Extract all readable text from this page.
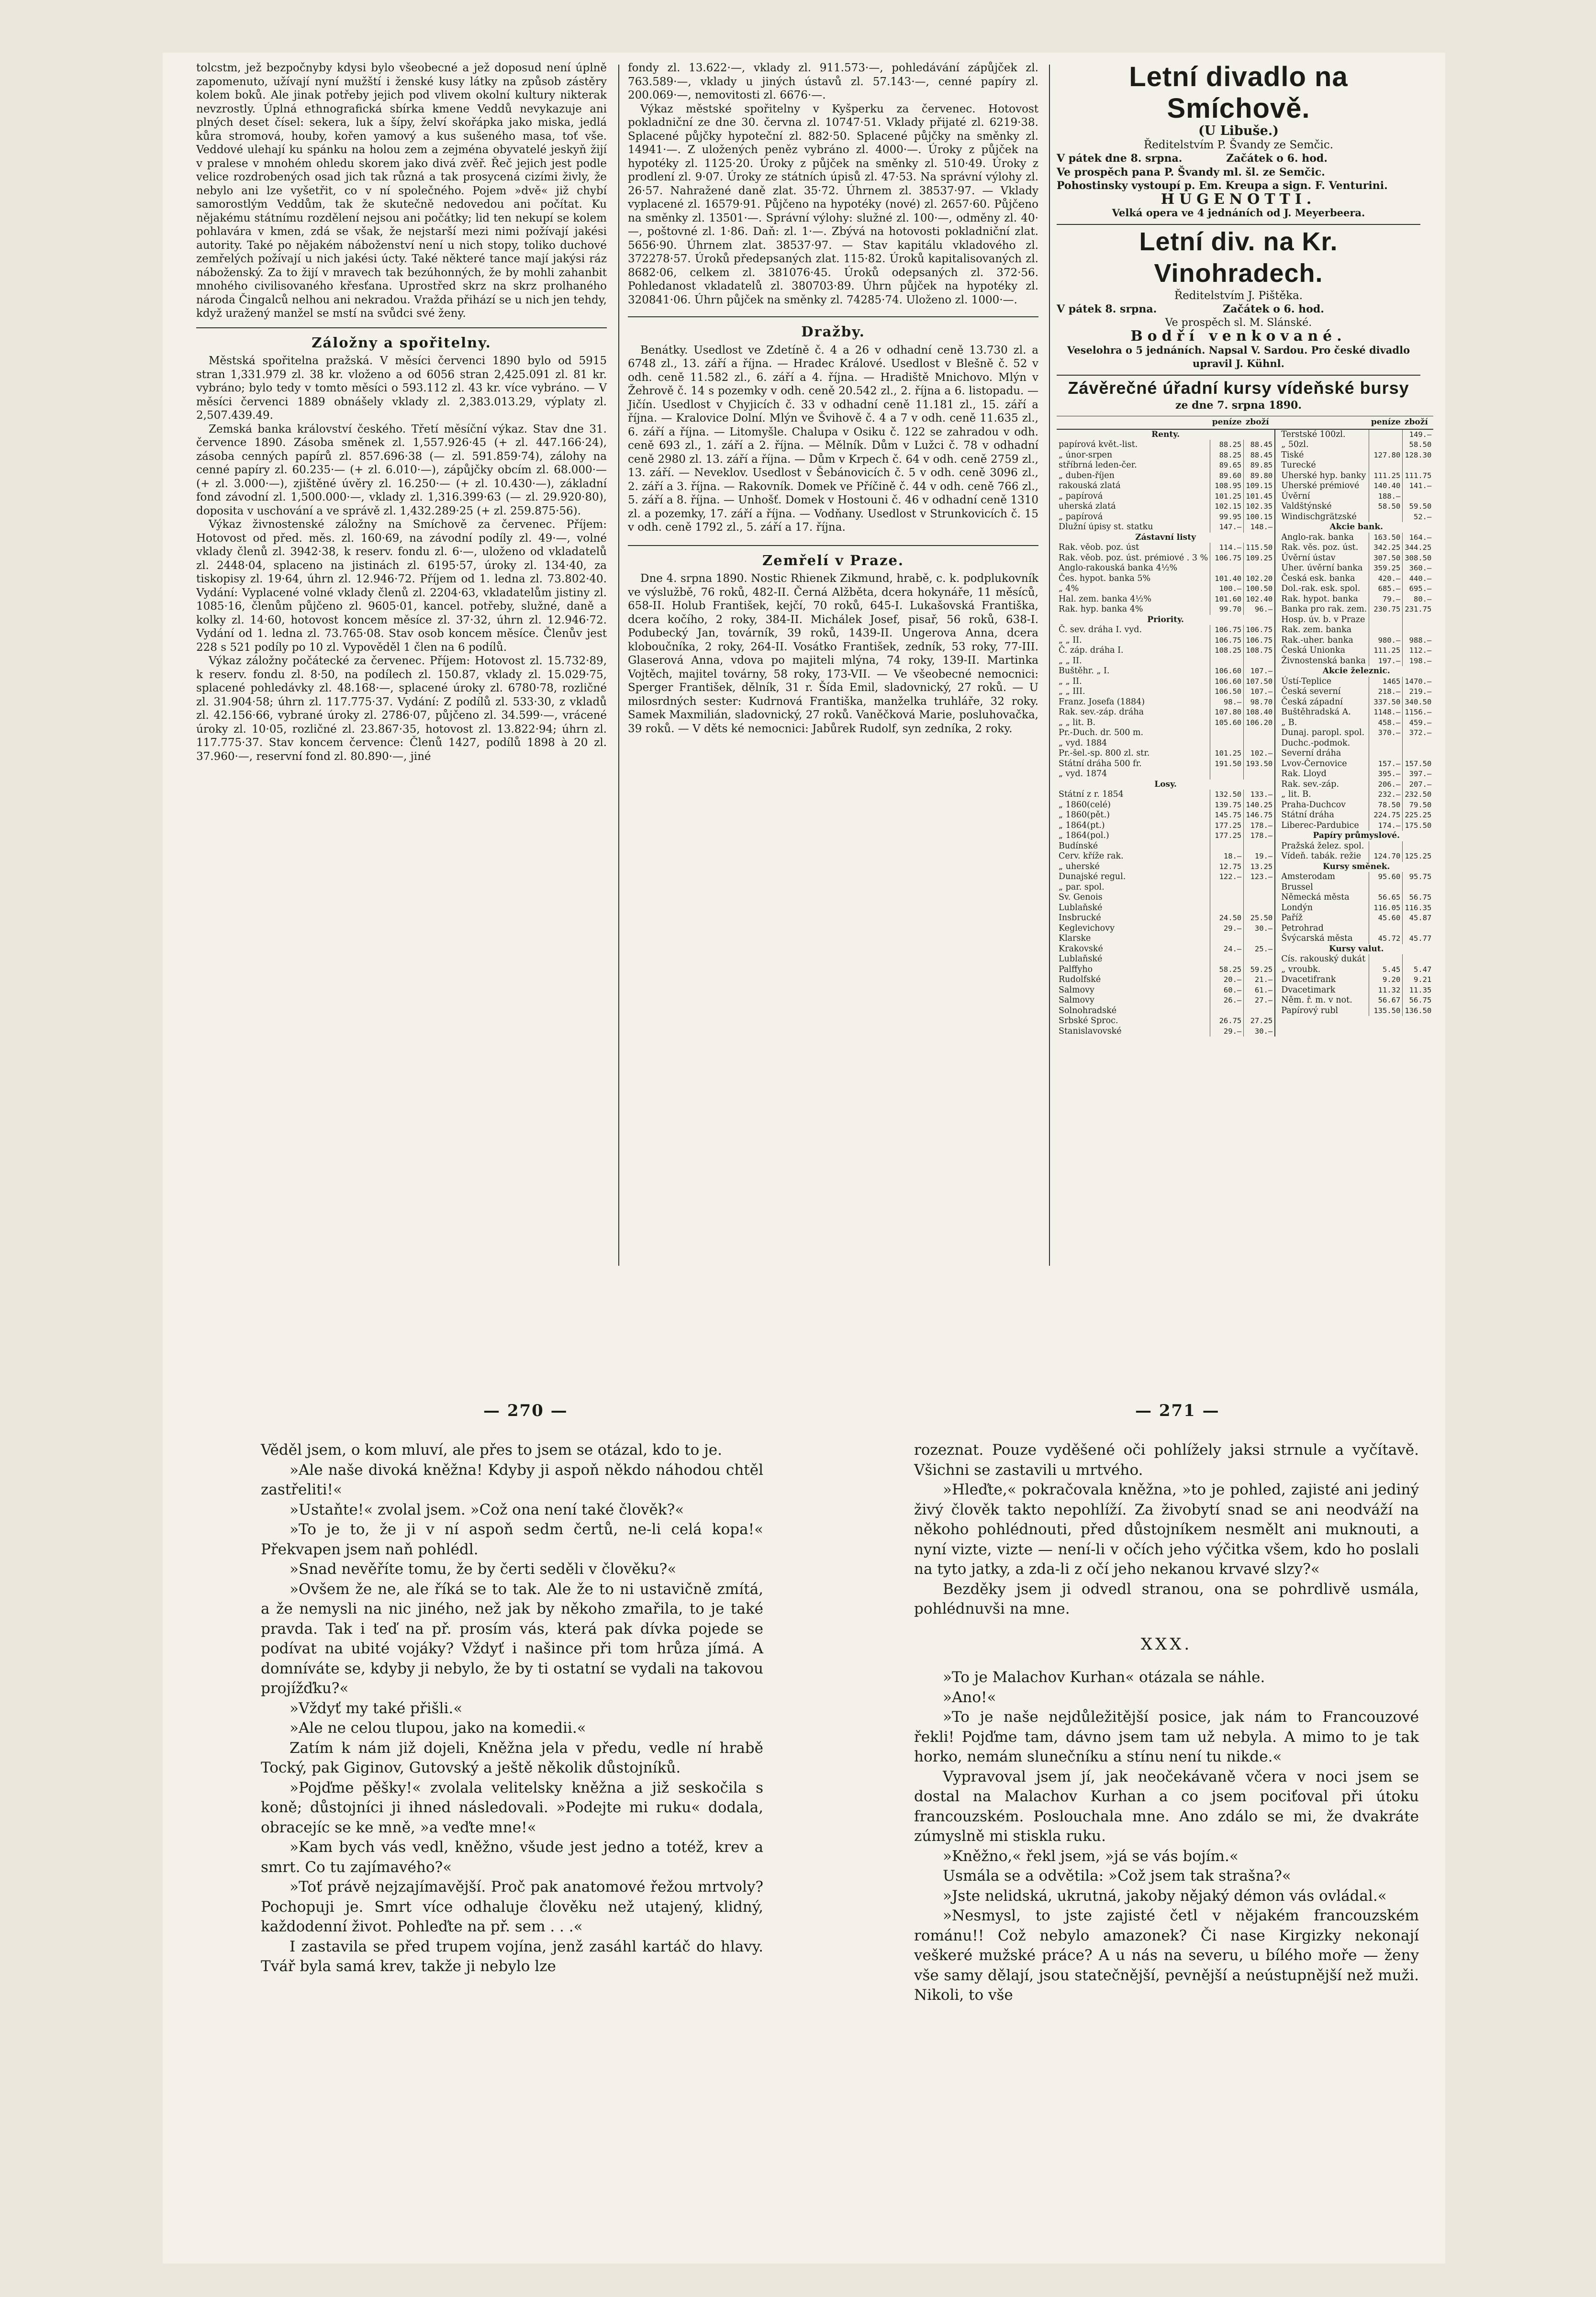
tolcstm, jež bezpočnyby kdysi bylo všeobecné a jež doposud není úplně zapomenuto, užívají nyní mužští i ženské kusy látky na způsob zástěry kolem boků. Ale jinak potřeby jejich pod vlivem okolní kultury nikterak nevzrostly. Úplná ethnografická sbírka kmene Veddů nevykazuje ani plných deset čísel: sekera, luk a šípy, želví skořápka jako miska, jedlá kůra stromová, houby, kořen yamový a kus sušeného masa, toť vše. Veddové ulehají ku spánku na holou zem a zejména obyvatelé jeskyň žijí v pralese v mnohém ohledu skorem jako divá zvěř. Řeč jejich jest podle velice rozdrobených osad jich tak různá a tak prosycená cizími živly, že nebylo ani lze vyšetřit, co v ní společného. Pojem »dvě« již chybí samorostlým Veddům, tak že skutečně nedovedou ani počítat. Ku nějakému státnímu rozdělení nejsou ani počátky; lid ten nekupí se kolem pohlavára v kmen, zdá se však, že nejstarší mezi nimi požívají jakési autority. Také po nějakém náboženství není u nich stopy, toliko duchové zemřelých požívají u nich jakési úcty. Také některé tance mají jakýsi ráz náboženský. Za to žijí v mravech tak bezúhonných, že by mohli zahanbit mnohého civilisovaného křesťana. Uprostřed skrz na skrz prolhaného národa Čingalců nelhou ani nekradou. Vražda přihází se u nich jen tehdy, když uražený manžel se mstí na svůdci své ženy.

Záložny a spořitelny.

Městská spořitelna pražská. V měsíci červenci 1890 bylo od 5915 stran 1,331.979 zl. 38 kr. vloženo a od 6056 stran 2,425.091 zl. 81 kr. vybráno; bylo tedy v tomto měsíci o 593.112 zl. 43 kr. více vybráno. — V měsíci červenci 1889 obnášely vklady zl. 2,383.013.29, výplaty zl. 2,507.439.49.

Zemská banka království českého. Třetí měsíční výkaz. Stav dne 31. července 1890. Zásoba směnek zl. 1,557.926·45 (+ zl. 447.166·24), zásoba cenných papírů zl. 857.696·38 (— zl. 591.859·74), zálohy na cenné papíry zl. 60.235·— (+ zl. 6.010·—), zápůjčky obcím zl. 68.000·— (+ zl. 3.000·—), zjištěné úvěry zl. 16.250·— (+ zl. 10.430·—), základní fond závodní zl. 1,500.000·—, vklady zl. 1,316.399·63 (— zl. 29.920·80), doposita v uschování a ve správě zl. 1,432.289·25 (+ zl. 259.875·56).

Výkaz živnostenské záložny na Smíchově za červenec. Příjem: Hotovost od před. měs. zl. 160·69, na závodní podíly zl. 49·—, volné vklady členů zl. 3942·38, k reserv. fondu zl. 6·—, uloženo od vkladatelů zl. 2448·04, splaceno na jistinách zl. 6195·57, úroky zl. 134·40, za tiskopisy zl. 19·64, úhrn zl. 12.946·72. Příjem od 1. ledna zl. 73.802·40. Vydání: Vyplacené volné vklady členů zl. 2204·63, vkladatelům jistiny zl. 1085·16, členům půjčeno zl. 9605·01, kancel. potřeby, služné, daně a kolky zl. 14·60, hotovost koncem měsíce zl. 37·32, úhrn zl. 12.946·72. Vydání od 1. ledna zl. 73.765·08. Stav osob koncem měsíce. Členův jest 228 s 521 podíly po 10 zl. Vypověděl 1 člen na 6 podílů.

Výkaz záložny počátecké za červenec. Příjem: Hotovost zl. 15.732·89, k reserv. fondu zl. 8·50, na podílech zl. 150.87, vklady zl. 15.029·75, splacené pohledávky zl. 48.168·—, splacené úroky zl. 6780·78, rozličné zl. 31.904·58; úhrn zl. 117.775·37. Vydání: Z podílů zl. 533·30, z vkladů zl. 42.156·66, vybrané úroky zl. 2786·07, půjčeno zl. 34.599·—, vrácené úroky zl. 10·05, rozličné zl. 23.867·35, hotovost zl. 13.822·94; úhrn zl. 117.775·37. Stav koncem července: Členů 1427, podílů 1898 à 20 zl. 37.960·—, reservní fond zl. 80.890·—, jiné

fondy zl. 13.622·—, vklady zl. 911.573·—, pohledávání zápůjček zl. 763.589·—, vklady u jiných ústavů zl. 57.143·—, cenné papíry zl. 200.069·—, nemovitosti zl. 6676·—.

Výkaz městské spořitelny v Kyšperku za červenec. Hotovost pokladniční ze dne 30. června zl. 10747·51. Vklady přijaté zl. 6219·38. Splacené půjčky hypoteční zl. 882·50. Splacené půjčky na směnky zl. 14941·—. Z uložených peněz vybráno zl. 4000·—. Úroky z půjček na hypotéky zl. 1125·20. Úroky z půjček na směnky zl. 510·49. Úroky z prodlení zl. 9·07. Úroky ze státních úpisů zl. 47·53. Na správní výlohy zl. 26·57. Nahražené daně zlat. 35·72. Úhrnem zl. 38537·97. — Vklady vyplacené zl. 16579·91. Půjčeno na hypotéky (nové) zl. 2657·60. Půjčeno na směnky zl. 13501·—. Správní výlohy: služné zl. 100·—, odměny zl. 40·—, poštovné zl. 1·86. Daň: zl. 1·—. Zbývá na hotovosti pokladniční zlat. 5656·90. Úhrnem zlat. 38537·97. — Stav kapitálu vkladového zl. 372278·57. Úroků předepsaných zlat. 115·82. Úroků kapitalisovaných zl. 8682·06, celkem zl. 381076·45. Úroků odepsaných zl. 372·56. Pohledanost vkladatelů zl. 380703·89. Úhrn půjček na hypotéky zl. 320841·06. Úhrn půjček na směnky zl. 74285·74. Uloženo zl. 1000·—.

Dražby.

Benátky. Usedlost ve Zdetíně č. 4 a 26 v odhadní ceně 13.730 zl. a 6748 zl., 13. září a října. — Hradec Králové. Usedlost v Blešně č. 52 v odh. ceně 11.582 zl., 6. září a 4. října. — Hradiště Mnichovo. Mlýn v Žehrově č. 14 s pozemky v odh. ceně 20.542 zl., 2. října a 6. listopadu. — Jičín. Usedlost v Chyjicích č. 33 v odhadní ceně 11.181 zl., 15. září a října. — Kralovice Dolní. Mlýn ve Švihově č. 4 a 7 v odh. ceně 11.635 zl., 6. září a října. — Litomyšle. Chalupa v Osiku č. 122 se zahradou v odh. ceně 693 zl., 1. září a 2. října. — Mělník. Dům v Lužci č. 78 v odhadní ceně 2980 zl. 13. září a října. — Dům v Krpech č. 64 v odh. ceně 2759 zl., 13. září. — Neveklov. Usedlost v Šebánovicích č. 5 v odh. ceně 3096 zl., 2. září a 3. října. — Rakovník. Domek ve Příčině č. 44 v odh. ceně 766 zl., 5. září a 8. října. — Unhošť. Domek v Hostouni č. 46 v odhadní ceně 1310 zl. a pozemky, 17. září a října. — Vodňany. Usedlost v Strunkovicích č. 15 v odh. ceně 1792 zl., 5. září a 17. října.

Zemřelí v Praze.

Dne 4. srpna 1890. Nostic Rhienek Zikmund, hrabě, c. k. podplukovník ve výslužbě, 76 roků, 482-II. Černá Alžběta, dcera hokynáře, 11 měsíců, 658-II. Holub František, kejčí, 70 roků, 645-I. Lukašovská Františka, dcera kočího, 2 roky, 384-II. Michálek Josef, pisař, 56 roků, 638-I. Podubecký Jan, továrník, 39 roků, 1439-II. Ungerova Anna, dcera kloboučníka, 2 roky, 264-II. Vosátko František, zedník, 53 roky, 77-III. Glaserová Anna, vdova po majiteli mlýna, 74 roky, 139-II. Martinka Vojtěch, majitel továrny, 58 roky, 173-VII. — Ve všeobecné nemocnici: Sperger František, dělník, 31 r. Šída Emil, sladovnický, 27 roků. — U milosrdných sester: Kudrnová Františka, manželka truhláře, 32 roky. Samek Maxmilián, sladovnický, 27 roků. Vaněčková Marie, posluhovačka, 39 roků. — V děts ké nemocnici: Jabůrek Rudolf, syn zedníka, 2 roky.

Letní divadlo na Smíchově.
(U Libuše.)
Ředitelstvím P. Švandy ze Semčic.
V pátek dne 8. srpna.            Začátek o 6. hod.
Ve prospěch pana P. Švandy ml. šl. ze Semčic.
Pohostinsky vystoupí p. Em. Kreupa a sign. F. Venturini.
HUGENOTTI.
Velká opera ve 4 jednáních od J. Meyerbeera.
Letní div. na Kr. Vinohradech.
Ředitelstvím J. Pištěka.
V pátek 8. srpna.                  Začátek o 6. hod.
Ve prospěch sl. M. Slánské.
Bodří venkované.
Veselohra o 5 jednáních. Napsal V. Sardou. Pro české divadlo upravil J. Kühnl.
Závěrečné úřadní kursy vídeňské bursy
ze dne 7. srpna 1890.
	peníze	zboží			peníze	zboží
Renty.				Terstské 100zl.		149.—
papírová květ.-list.	88.25	88.45		„ 50zl.		58.50
„ únor-srpen	88.25	88.45		Tiské	127.80	128.30
stříbrná leden-čer.	89.65	89.85		Turecké		
„ duben-říjen	89.60	89.80		Uherské hyp. banky	111.25	111.75
rakouská zlatá	108.95	109.15		Uherské prémiové	140.40	141.—
„ papírová	101.25	101.45		Úvěrní	188.—	
uherská zlatá	102.15	102.35		Valdštýnské	58.50	59.50
„ papírová	99.95	100.15		Windischgrätzské		52.—
Dlužní úpisy st. statku	147.—	148.—		Akcie bank.		
Zástavní listy				Anglo-rak. banka	163.50	164.—
Rak. věob. poz. úst	114.—	115.50		Rak. věs. poz. úst.	342.25	344.25
Rak. věob. poz. úst. prémiové . 3 %	106.75	109.25		Úvěrní ústav	307.50	308.50
Anglo-rakouská banka 4½%				Uher. úvěrní banka	359.25	360.—
Čes. hypot. banka 5%	101.40	102.20		Česká esk. banka	420.—	440.—
„ 4%	100.—	100.50		Dol.-rak. esk. spol.	685.—	695.—
Hal. zem. banka 4½%	101.60	102.40		Rak. hypot. banka	79.—	80.—
Rak. hyp. banka 4%	99.70	96.—		Banka pro rak. zem.	230.75	231.75
Priority.				Hosp. úv. b. v Praze		
Č. sev. dráha I. vyd.	106.75	106.75		Rak. zem. banka		
„ „ II.	106.75	106.75		Rak.-uher. banka	980.—	988.—
Č. záp. dráha I.	108.25	108.75		Česká Unionka	111.25	112.—
„ „ II.				Živnostenská banka	197.—	198.—
Buštěhr. „ I.	106.60	107.—		Akcie železnic.		
„ „ II.	106.60	107.50		Ústí-Teplice	1465	1470.—
„ „ III.	106.50	107.—		Česká severní	218.—	219.—
Franz. Josefa (1884)	98.—	98.70		Česká západní	337.50	340.50
Rak. sev.-záp. dráha	107.80	108.40		Buštěhradská A.	1148.—	1156.—
„ „ lit. B.	105.60	106.20		„ B.	458.—	459.—
Pr.-Duch. dr. 500 m.				Dunaj. paropl. spol.	370.—	372.—
„ vyd. 1884				Duchc.-podmok.		
Pr.-šel.-sp. 800 zl. str.	101.25	102.—		Severní dráha		
Státní dráha 500 fr.	191.50	193.50		Lvov-Černovice	157.—	157.50
„ vyd. 1874				Rak. Lloyd	395.—	397.—
Losy.				Rak. sev.-záp.	206.—	207.—
Státní z r. 1854	132.50	133.—		„ lit. B.	232.—	232.50
„ 1860(celé)	139.75	140.25		Praha-Duchcov	78.50	79.50
„ 1860(pět.)	145.75	146.75		Státní dráha	224.75	225.25
„ 1864(pt.)	177.25	178.—		Liberec-Pardubice	174.—	175.50
„ 1864(pol.)	177.25	178.—		Papíry průmyslové.		
Budínské				Pražská želez. spol.		
Cerv. kříže rak.	18.—	19.—		Vídeň. tabák. režie	124.70	125.25
„ uherské	12.75	13.25		Kursy směnek.		
Dunajské regul.	122.—	123.—		Amsterodam	95.60	95.75
„ par. spol.				Brussel		
Sv. Genois				Německá města	56.65	56.75
Lublaňské				Londýn	116.05	116.35
Insbrucké	24.50	25.50		Paříž	45.60	45.87
Keglevichovy	29.—	30.—		Petrohrad		
Klarske				Švýcarská města	45.72	45.77
Krakovské	24.—	25.—		Kursy valut.		
Lublaňské				Cís. rakouský dukát		
Palffyho	58.25	59.25		„ vroubk.	5.45	5.47
Rudolfské	20.—	21.—		Dvacetifrank	9.20	9.21
Salmovy	60.—	61.—		Dvacetimark	11.32	11.35
Salmovy	26.—	27.—		Něm. ř. m. v not.	56.67	56.75
Solnohradské				Papírový rubl	135.50	136.50
Srbské Sproc.	26.75	27.25				
Stanislavovské	29.—	30.—				
— 270 —	— 271 —

Věděl jsem, o kom mluví, ale přes to jsem se otázal, kdo to je.

»Ale naše divoká kněžna! Kdyby ji aspoň někdo náhodou chtěl zastřeliti!«

»Ustaňte!« zvolal jsem. »Což ona není také člověk?«

»To je to, že ji v ní aspoň sedm čertů, ne-li celá kopa!« Překvapen jsem naň pohlédl.

»Snad nevěříte tomu, že by čerti seděli v člověku?«

»Ovšem že ne, ale říká se to tak. Ale že to ni ustavičně zmítá, a že nemysli na nic jiného, než jak by někoho zmařila, to je také pravda. Tak i teď na př. prosím vás, která pak dívka pojede se podívat na ubité vojáky? Vždyť i našince při tom hrůza jímá. A domníváte se, kdyby ji nebylo, že by ti ostatní se vydali na takovou projížďku?«

»Vždyť my také přišli.«

»Ale ne celou tlupou, jako na komedii.«

Zatím k nám již dojeli, Kněžna jela v předu, vedle ní hrabě Tocký, pak Giginov, Gutovský a ještě několik důstojníků.

»Pojďme pěšky!« zvolala velitelsky kněžna a již seskočila s koně; důstojníci ji ihned následovali. »Podejte mi ruku« dodala, obracejíc se ke mně, »a veďte mne!«

»Kam bych vás vedl, kněžno, všude jest jedno a totéž, krev a smrt. Co tu zajímavého?«

»Toť právě nejzajímavější. Proč pak anatomové řežou mrtvoly? Pochopuji je. Smrt více odhaluje člověku než utajený, klidný, každodenní život. Pohleďte na př. sem . . .«

I zastavila se před trupem vojína, jenž zasáhl kartáč do hlavy. Tvář byla samá krev, takže ji nebylo lze

rozeznat. Pouze vyděšené oči pohlížely jaksi strnule a vyčítavě. Všichni se zastavili u mrtvého.

»Hleďte,« pokračovala kněžna, »to je pohled, zajisté ani jediný živý člověk takto nepohlíží. Za živobytí snad se ani neodváží na někoho pohlédnouti, před důstojníkem nesmělt ani muknouti, a nyní vizte, vizte — není-li v očích jeho výčitka všem, kdo ho poslali na tyto jatky, a zda-li z očí jeho nekanou krvavé slzy?«

Bezděky jsem ji odvedl stranou, ona se pohrdlivě usmála, pohlédnuvši na mne.

XXX.

»To je Malachov Kurhan« otázala se náhle.

»Ano!«

»To je naše nejdůležitější posice, jak nám to Francouzové řekli! Pojďme tam, dávno jsem tam už nebyla. A mimo to je tak horko, nemám slunečníku a stínu není tu nikde.«

Vypravoval jsem jí, jak neočekávaně včera v noci jsem se dostal na Malachov Kurhan a co jsem pociťoval při útoku francouzském. Poslouchala mne. Ano zdálo se mi, že dvakráte zúmyslně mi stiskla ruku.

»Kněžno,« řekl jsem, »já se vás bojím.«

Usmála se a odvětila: »Což jsem tak strašna?«

»Jste nelidská, ukrutná, jakoby nějaký démon vás ovládal.«

»Nesmysl, to jste zajisté četl v nějakém francouzském románu!! Což nebylo amazonek? Či nase Kirgizky nekonají veškeré mužské práce? A u nás na severu, u bílého moře — ženy vše samy dělají, jsou statečnější, pevnější a neústupnější než muži. Nikoli, to vše
